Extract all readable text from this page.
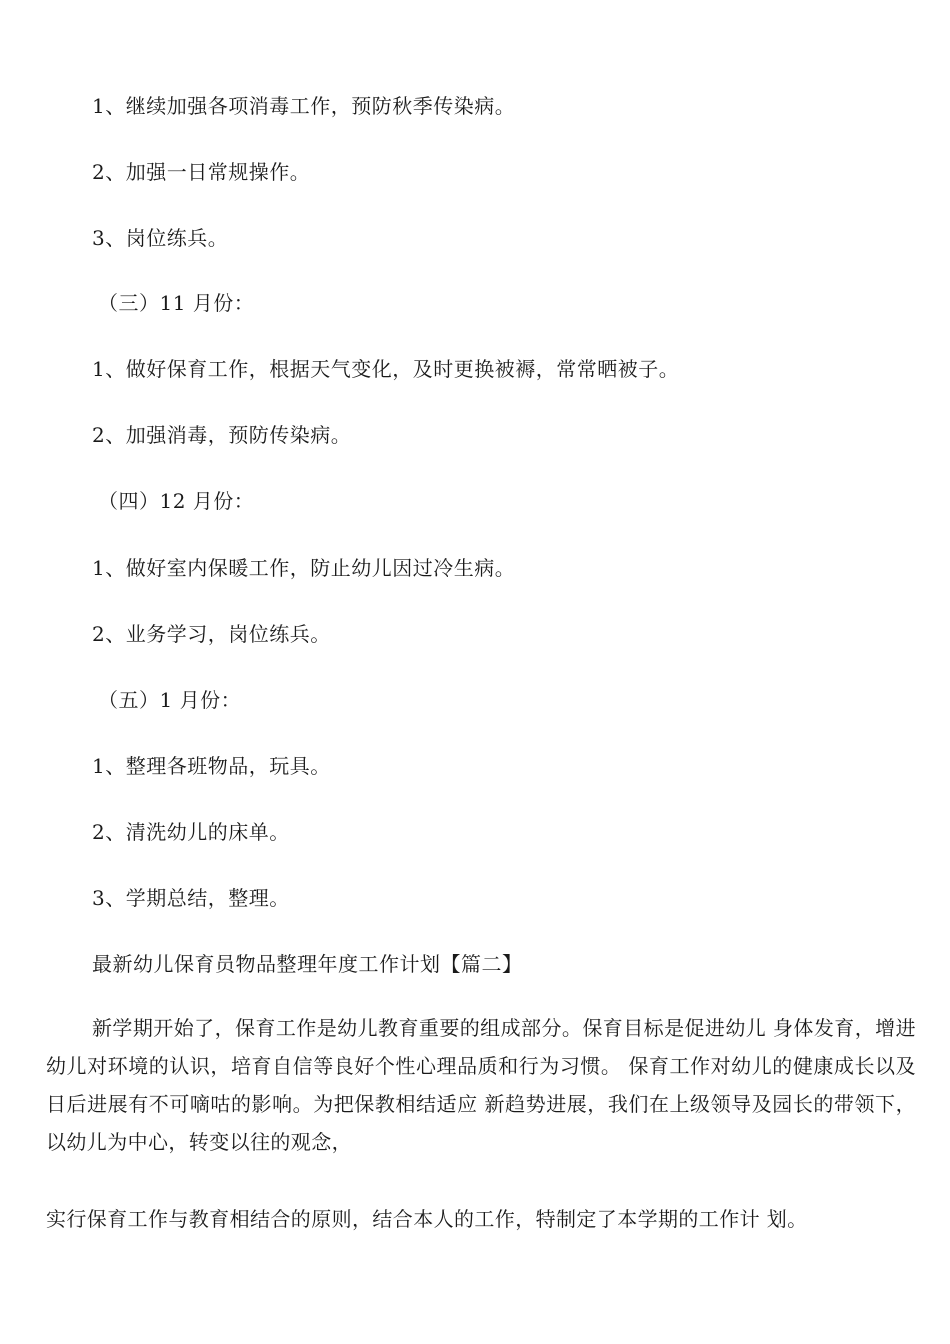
1、继续加强各项消毒工作，预防秋季传染病。
2、加强一日常规操作。
3、岗位练兵。
（三）11 月份：
1、做好保育工作，根据天气变化，及时更换被褥，常常晒被子。
2、加强消毒，预防传染病。
（四）12 月份：
1、做好室内保暖工作，防止幼儿因过冷生病。
2、业务学习，岗位练兵。
（五）1 月份：
1、整理各班物品，玩具。
2、清洗幼儿的床单。
3、学期总结，整理。
最新幼儿保育员物品整理年度工作计划【篇二】
新学期开始了，保育工作是幼儿教育重要的组成部分。保育目标是促进幼儿 身体发育，增进幼儿对环境的认识，培育自信等良好个性心理品质和行为习惯。 保育工作对幼儿的健康成长以及日后进展有不可嘀咕的影响。为把保教相结适应 新趋势进展，我们在上级领导及园长的带领下，以幼儿为中心，转变以往的观念，
实行保育工作与教育相结合的原则，结合本人的工作，特制定了本学期的工作计 划。
